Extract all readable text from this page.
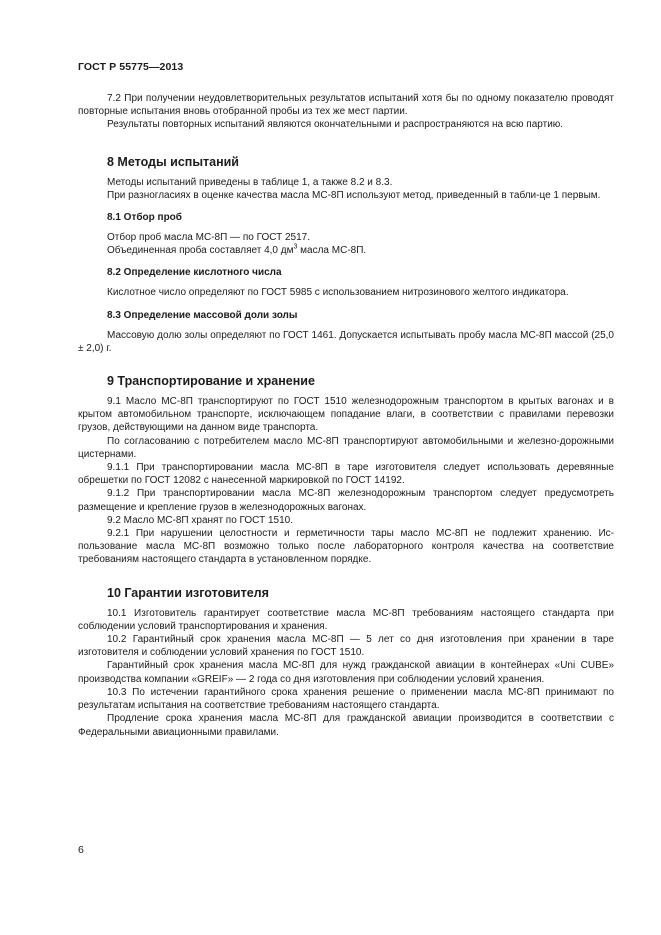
ГОСТ Р 55775—2013

7.2 При получении неудовлетворительных результатов испытаний хотя бы по одному показателю проводят повторные испытания вновь отобранной пробы из тех же мест партии.

Результаты повторных испытаний являются окончательными и распространяются на всю партию.

8 Методы испытаний

Методы испытаний приведены в таблице 1, а также 8.2 и 8.3.

При разногласиях в оценке качества масла МС-8П используют метод, приведенный в табли-це 1 первым.

8.1 Отбор проб

Отбор проб масла МС-8П — по ГОСТ 2517.

Объединенная проба составляет 4,0 $дм^3$ масла МС-8П.

8.2 Определение кислотного числа

Кислотное число определяют по ГОСТ 5985 с использованием нитрозинового желтого индикатора.

8.3 Определение массовой доли золы

Массовую долю золы определяют по ГОСТ 1461. Допускается испытывать пробу масла МС-8П массой (25,0 ± 2,0) г.

9 Транспортирование и хранение

9.1 Масло МС-8П транспортируют по ГОСТ 1510 железнодорожным транспортом в крытых вагонах и в крытом автомобильном транспорте, исключающем попадание влаги, в соответствии с правилами перевозки грузов, действующими на данном виде транспорта.

По согласованию с потребителем масло МС-8П транспортируют автомобильными и железно-дорожными цистернами.

9.1.1 При транспортировании масла МС-8П в таре изготовителя следует использовать деревянные обрешетки по ГОСТ 12082 с нанесенной маркировкой по ГОСТ 14192.

9.1.2 При транспортировании масла МС-8П железнодорожным транспортом следует предусмотреть размещение и крепление грузов в железнодорожных вагонах.

9.2 Масло МС-8П хранят по ГОСТ 1510.

9.2.1 При нарушении целостности и герметичности тары масло МС-8П не подлежит хранению. Ис-пользование масла МС-8П возможно только после лабораторного контроля качества на соответствие требованиям настоящего стандарта в установленном порядке.

10 Гарантии изготовителя

10.1 Изготовитель гарантирует соответствие масла МС-8П требованиям настоящего стандарта при соблюдении условий транспортирования и хранения.

10.2 Гарантийный срок хранения масла МС-8П — 5 лет со дня изготовления при хранении в таре изготовителя и соблюдении условий хранения по ГОСТ 1510.

Гарантийный срок хранения масла МС-8П для нужд гражданской авиации в контейнерах «Uni CUBE» производства компании «GREIF» — 2 года со дня изготовления при соблюдении условий хранения.

10.3 По истечении гарантийного срока хранения решение о применении масла МС-8П принимают по результатам испытания на соответствие требованиям настоящего стандарта.

Продление срока хранения масла МС-8П для гражданской авиации производится в соответствии с Федеральными авиационными правилами.

6
